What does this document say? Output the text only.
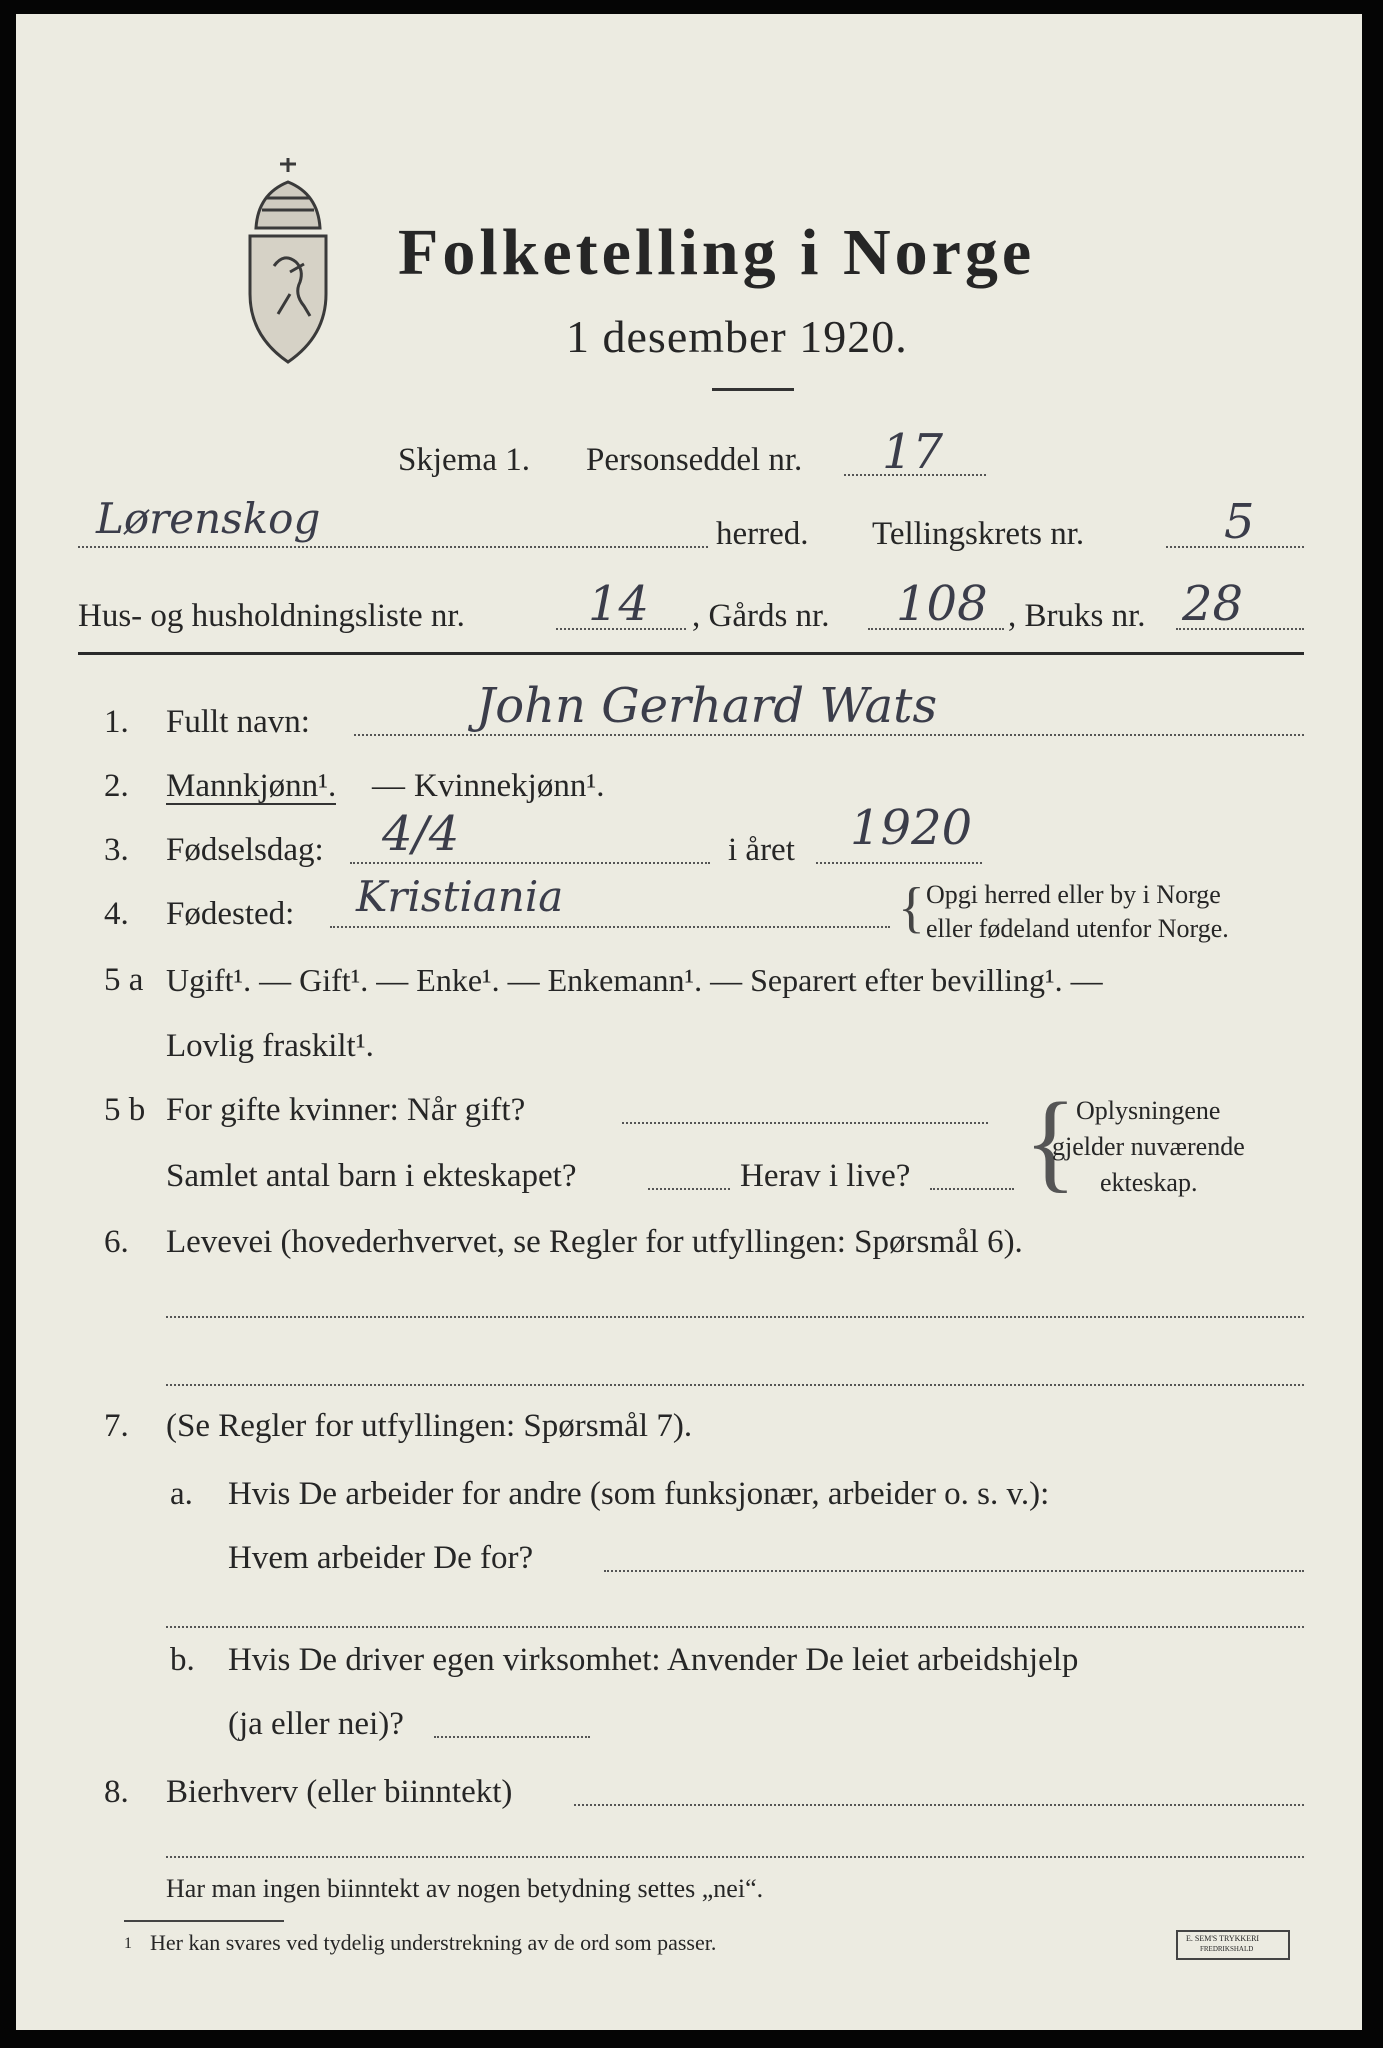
Folketelling i Norge
1 desember 1920.
Skjema 1. Personseddel nr. 17
Lørenskog	herred. Tellingskrets nr.	5
Hus- og husholdningsliste nr.	14 , Gårds nr. 108 , Bruks nr. 28
1. Fullt navn:	John Gerhard Wats
2. Mannkjønn¹. — Kvinnekjønn¹.
3. Fødselsdag: 4/4	i året 1920
4. Fødested: Kristiania	{ Opgi herred eller by i Norge
eller fødeland utenfor Norge.
5 a Ugift¹. — Gift¹. — Enke¹. — Enkemann¹. — Separert efter bevilling¹. —
Lovlig fraskilt¹.
5 b For gifte kvinner: Når gift?
Samlet antal barn i ekteskapet?	Herav i live? { Oplysningene
gjelder nuværende
ekteskap.
6. Levevei (hovederhvervet, se Regler for utfyllingen: Spørsmål 6).
7. (Se Regler for utfyllingen: Spørsmål 7).
a. Hvis De arbeider for andre (som funksjonær, arbeider o. s. v.):
Hvem arbeider De for?
b. Hvis De driver egen virksomhet: Anvender De leiet arbeidshjelp
(ja eller nei)?
8. Bierhverv (eller biinntekt)
Har man ingen biinntekt av nogen betydning settes „nei“.
1 Her kan svares ved tydelig understrekning av de ord som passer.	E. SEM'S TRYKKERI
FREDRIKSHALD
